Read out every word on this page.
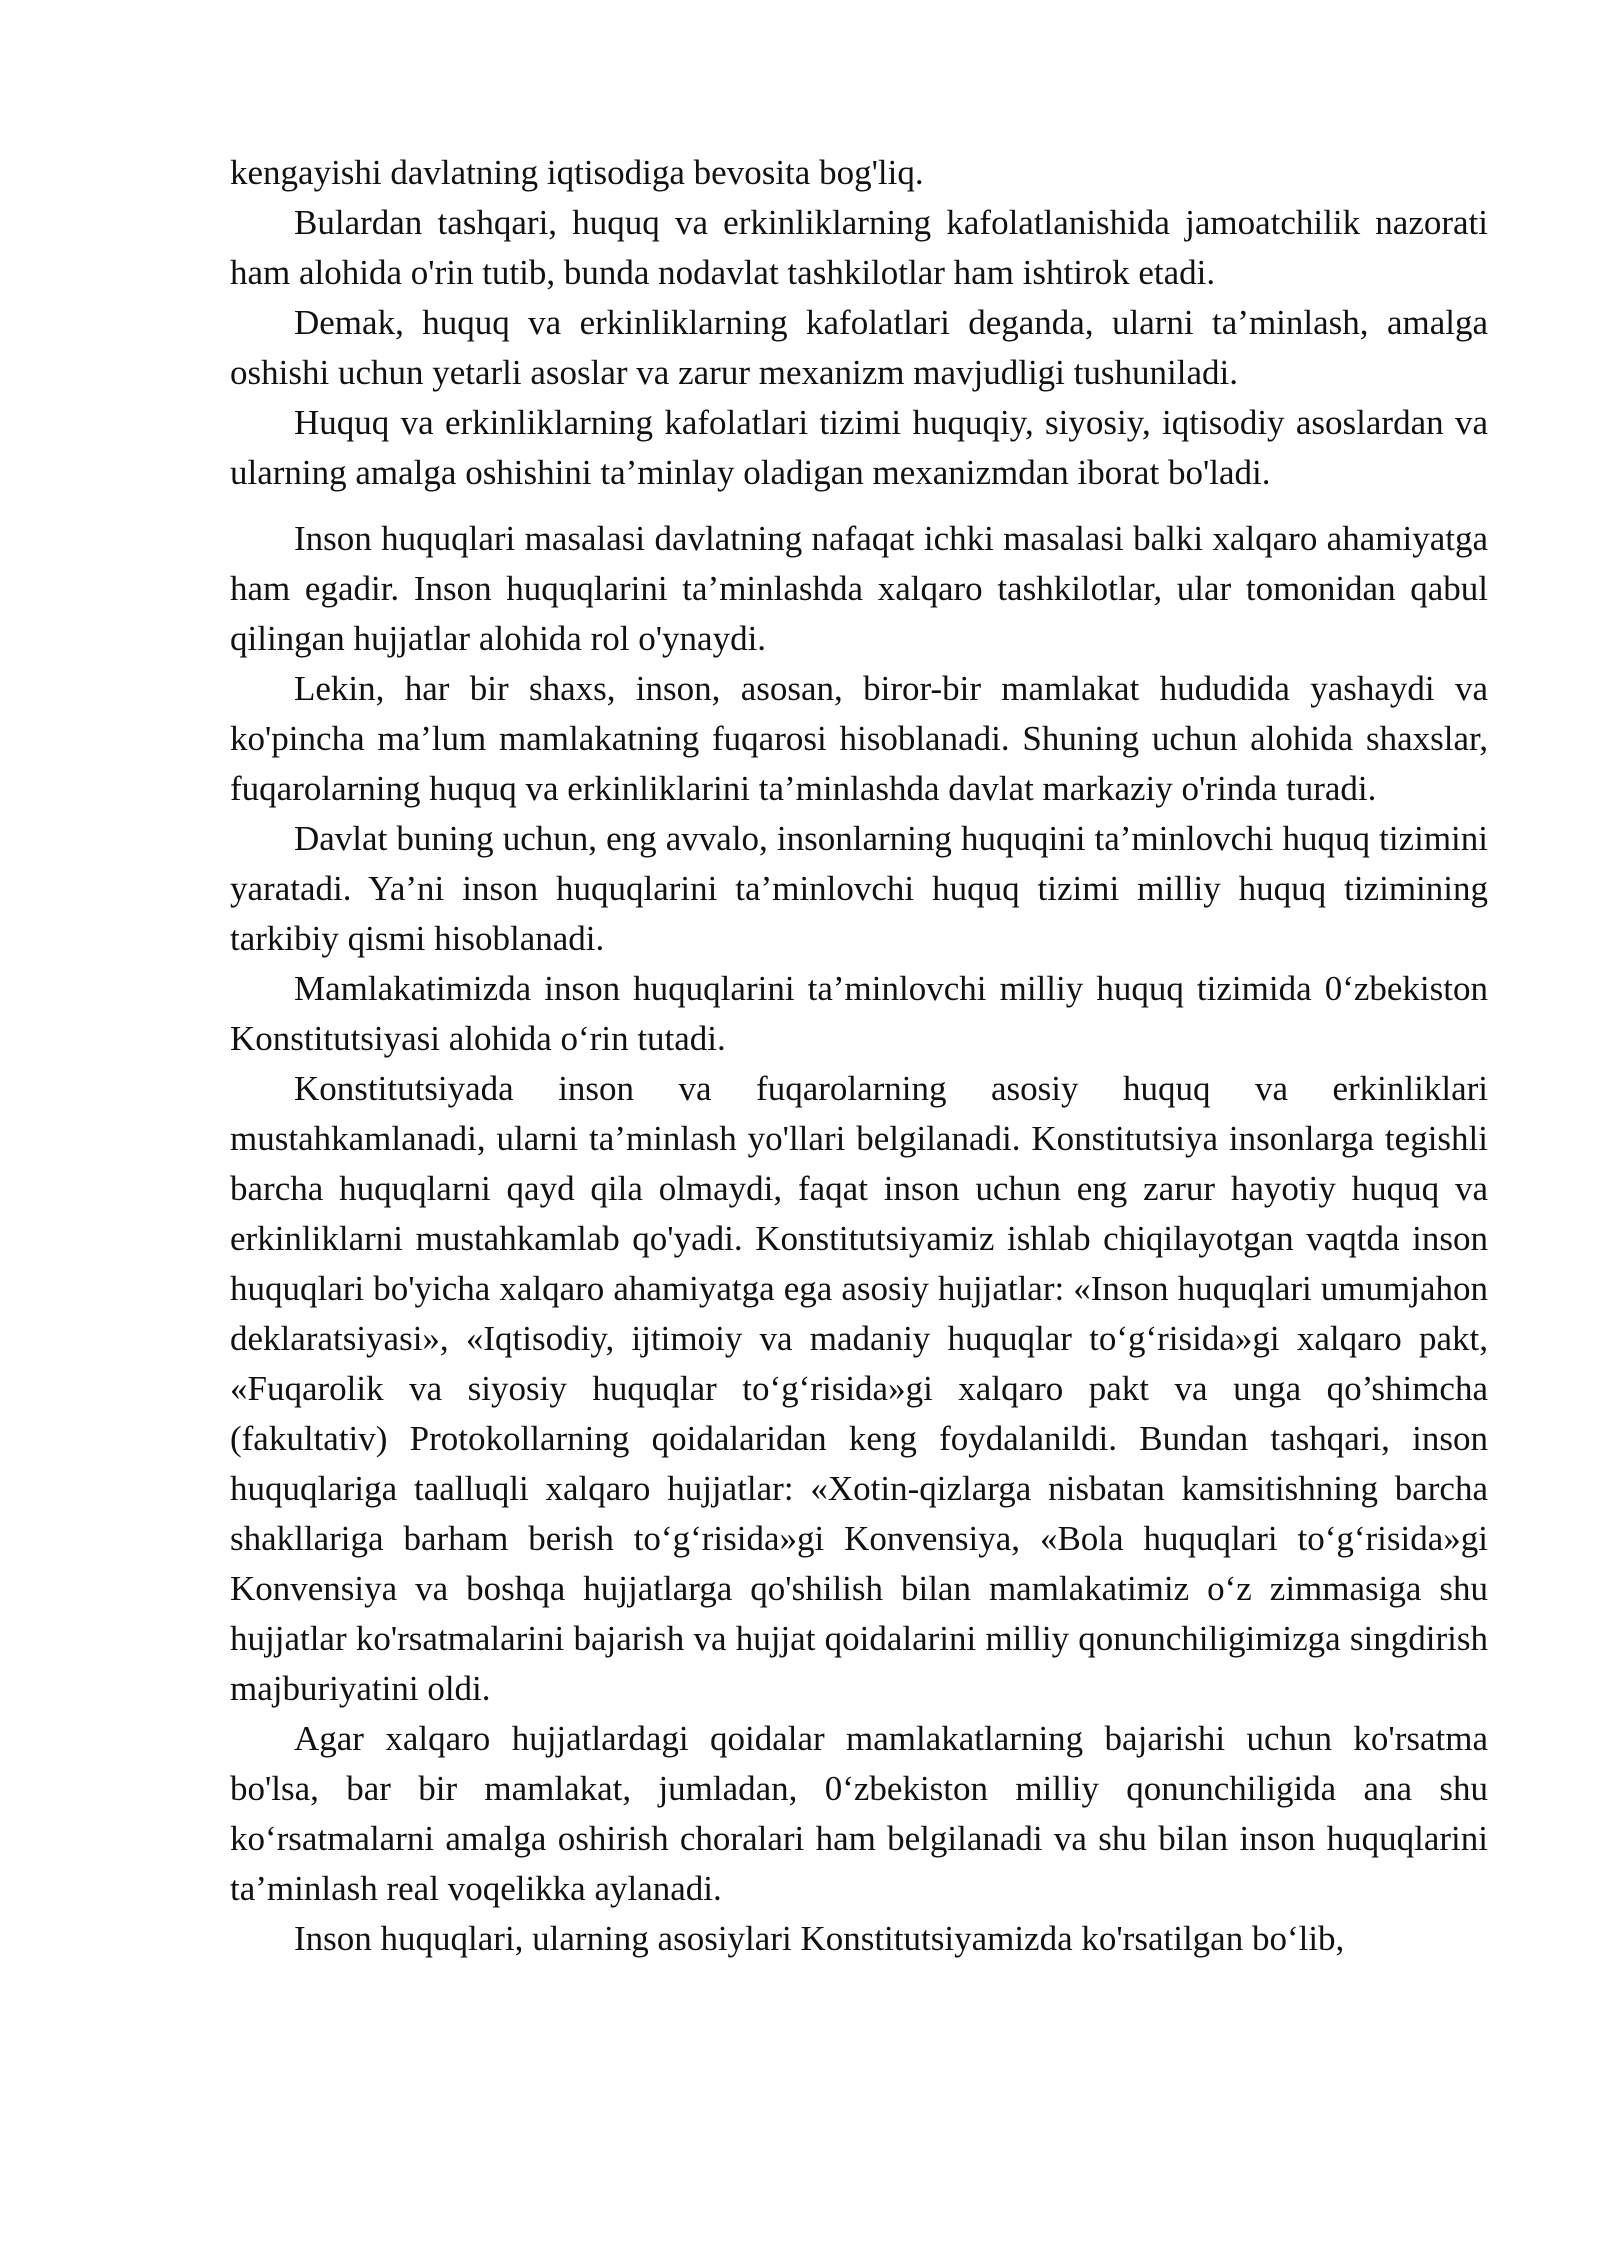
kengayishi davlatning iqtisodiga bevosita bog'liq.

Bulardan tashqari, huquq va erkinliklarning kafolatlanishida jamoatchilik nazorati ham alohida o'rin tutib, bunda nodavlat tashkilotlar ham ishtirok etadi.

Demak, huquq va erkinliklarning kafolatlari deganda, ularni ta’minlash, amalga oshishi uchun yetarli asoslar va zarur mexanizm mavjudligi tushuniladi.

Huquq va erkinliklarning kafolatlari tizimi huquqiy, siyosiy, iqtisodiy asoslardan va ularning amalga oshishini ta’minlay oladigan mexanizmdan iborat bo'ladi.

Inson huquqlari masalasi davlatning nafaqat ichki masalasi balki xalqaro ahamiyatga ham egadir. Inson huquqlarini ta’minlashda xalqaro tashkilotlar, ular tomonidan qabul qilingan hujjatlar alohida rol o'ynaydi.

Lekin, har bir shaxs, inson, asosan, biror-bir mamlakat hududida yashaydi va ko'pincha ma’lum mamlakatning fuqarosi hisoblanadi. Shuning uchun alohida shaxslar, fuqarolarning huquq va erkinliklarini ta’minlashda davlat markaziy o'rinda turadi.

Davlat buning uchun, eng avvalo, insonlarning huquqini ta’minlovchi huquq tizimini yaratadi. Ya’ni inson huquqlarini ta’minlovchi huquq tizimi milliy huquq tizimining tarkibiy qismi hisoblanadi.

Mamlakatimizda inson huquqlarini ta’minlovchi milliy huquq tizimida 0‘zbekiston Konstitutsiyasi alohida o‘rin tutadi.

Konstitutsiyada inson va fuqarolarning asosiy huquq va erkinliklari mustahkamlanadi, ularni ta’minlash yo'llari belgilanadi. Konstitutsiya insonlarga tegishli barcha huquqlarni qayd qila olmaydi, faqat inson uchun eng zarur hayotiy huquq va erkinliklarni mustahkamlab qo'yadi. Konstitutsiyamiz ishlab chiqilayotgan vaqtda inson huquqlari bo'yicha xalqaro ahamiyatga ega asosiy hujjatlar: «Inson huquqlari umumjahon deklaratsiyasi», «Iqtisodiy, ijtimoiy va madaniy huquqlar to‘g‘risida»gi xalqaro pakt, «Fuqarolik va siyosiy huquqlar to‘g‘risida»gi xalqaro pakt va unga qo’shimcha (fakultativ) Protokollarning qoidalaridan keng foydalanildi. Bundan tashqari, inson huquqlariga taalluqli xalqaro hujjatlar: «Xotin-qizlarga nisbatan kamsitishning barcha shakllariga barham berish to‘g‘risida»gi Konvensiya, «Bola huquqlari to‘g‘risida»gi Konvensiya va boshqa hujjatlarga qo'shilish bilan mamlakatimiz o‘z zimmasiga shu hujjatlar ko'rsatmalarini bajarish va hujjat qoidalarini milliy qonunchiligimizga singdirish majburiyatini oldi.

Agar xalqaro hujjatlardagi qoidalar mamlakatlarning bajarishi uchun ko'rsatma bo'lsa, bar bir mamlakat, jumladan, 0‘zbekiston milliy qonunchiligida ana shu ko‘rsatmalarni amalga oshirish choralari ham belgilanadi va shu bilan inson huquqlarini ta’minlash real voqelikka aylanadi.

Inson huquqlari, ularning asosiylari Konstitutsiyamizda ko'rsatilgan bo‘lib,
